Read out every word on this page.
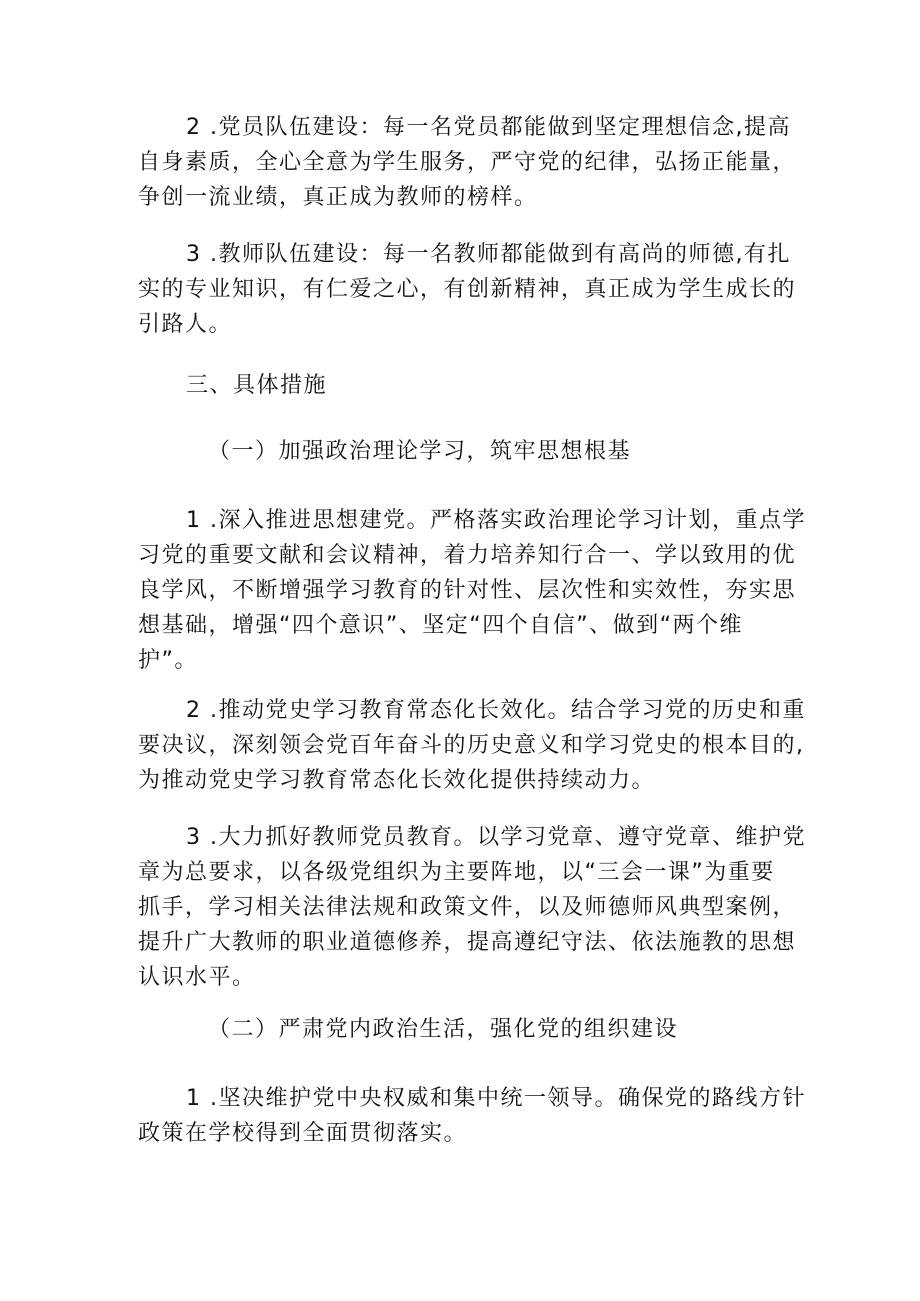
2 .党员队伍建设：每一名党员都能做到坚定理想信念,提高
自身素质，全心全意为学生服务，严守党的纪律，弘扬正能量，
争创一流业绩，真正成为教师的榜样。
3 .教师队伍建设：每一名教师都能做到有高尚的师德,有扎
实的专业知识，有仁爱之心，有创新精神，真正成为学生成长的
引路人。

三、具体措施

（一）加强政治理论学习，筑牢思想根基

1 .深入推进思想建党。严格落实政治理论学习计划，重点学
习党的重要文献和会议精神，着力培养知行合一、学以致用的优
良学风，不断增强学习教育的针对性、层次性和实效性，夯实思
想基础，增强“四个意识”、坚定“四个自信”、做到“两个维
护”。
2 .推动党史学习教育常态化长效化。结合学习党的历史和重
要决议，深刻领会党百年奋斗的历史意义和学习党史的根本目的,
为推动党史学习教育常态化长效化提供持续动力。
3 .大力抓好教师党员教育。以学习党章、遵守党章、维护党
章为总要求，以各级党组织为主要阵地，以“三会一课”为重要
抓手，学习相关法律法规和政策文件，以及师德师风典型案例，
提升广大教师的职业道德修养，提高遵纪守法、依法施教的思想
认识水平。

（二）严肃党内政治生活，强化党的组织建设

1 .坚决维护党中央权威和集中统一领导。确保党的路线方针
政策在学校得到全面贯彻落实。
